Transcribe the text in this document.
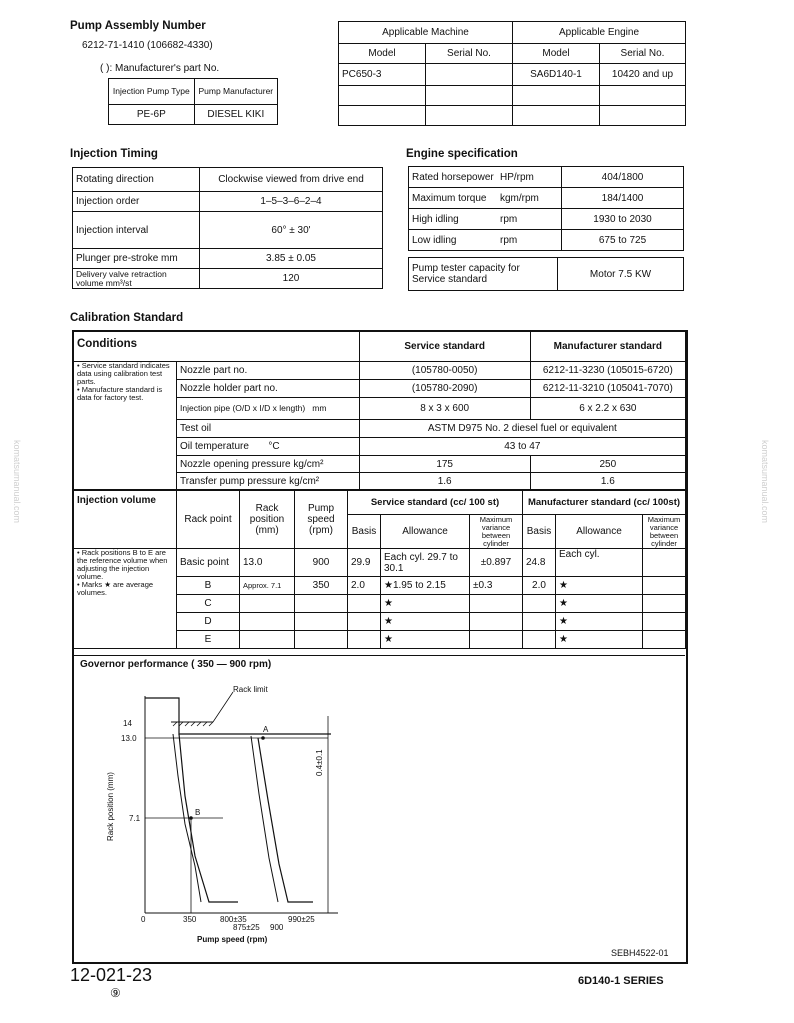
Pump Assembly Number
6212-71-1410 (106682-4330)
( ): Manufacturer's part No.
Injection Pump Type	Pump Manufacturer
PE-6P	DIESEL KIKI
Applicable Machine		Applicable Engine	
Model	Serial No.	Model	Serial No.
PC650-3		SA6D140-1	10420 and up

Injection Timing
Rotating direction	Clockwise viewed from drive end
Injection order	1–5–3–6–2–4
Injection interval	60° ± 30'
Plunger pre-stroke mm	3.85 ± 0.05
Delivery valve retraction volume mm³/st	120
Engine specification
Rated horsepower	HP/rpm	404/1800
Maximum torque	kgm/rpm	184/1400
High idling	rpm	1930 to 2030
Low idling	rpm	675 to 725
Pump tester capacity for Service standard	Motor 7.5 KW
Calibration Standard
Conditions		Service standard	Manufacturer standard
• Service standard indicates data using calibration test parts.
• Manufacture standard is data for factory test.	Nozzle part no.	(105780-0050)	6212-11-3230 (105015-6720)
	Nozzle holder part no.	(105780-2090)	6212-11-3210 (105041-7070)
	Injection pipe (O/D x I/D x length) mm	8 x 3 x 600	6 x 2.2 x 630
	Test oil	ASTM D975 No. 2 diesel fuel or equivalent	
	Oil temperature °C	43 to 47	
	Nozzle opening pressure kg/cm²	175	250
	Transfer pump pressure kg/cm²	1.6	1.6
Injection volume	Rack point	Rack position (mm)	Pump speed (rpm)	Service standard (cc/ 100 st)			Manufacturer standard (cc/ 100st)		
				Basis	Allowance	Maximum variance between cylinder	Basis	Allowance	Maximum variance between cylinder
• Rack positions B to E are the reference volume when adjusting the injection volume.
• Marks ★ are average volumes.	Basic point	13.0	900	29.9	Each cyl. 29.7 to 30.1	±0.897	24.8	Each cyl.	
	B	Approx. 7.1	350	2.0	★1.95 to 2.15	±0.3	2.0	★	
	C				★			★	
	D				★			★	
	E				★			★	
Governor performance ( 350 — 900 rpm)
Rack limit
A
B
14
13.0
7.1
0	350	800±35
875±25 900
990±25
Pump speed (rpm)
Rack position (mm)
0.4±0.1
SEBH4522-01
12-021-23
⑨
6D140-1 SERIES
komatsumanual.com	komatsumanual.com
